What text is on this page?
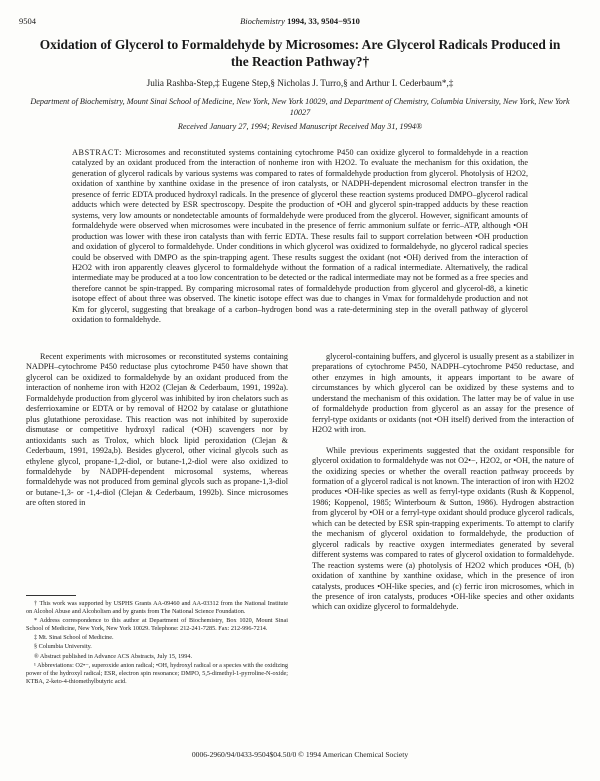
9504	Biochemistry 1994, 33, 9504−9510
Oxidation of Glycerol to Formaldehyde by Microsomes: Are Glycerol Radicals Produced in the Reaction Pathway?†
Julia Rashba-Step,‡ Eugene Step,§ Nicholas J. Turro,§ and Arthur I. Cederbaum*,‡
Department of Biochemistry, Mount Sinai School of Medicine, New York, New York 10029, and Department of Chemistry, Columbia University, New York, New York 10027
Received January 27, 1994; Revised Manuscript Received May 31, 1994®
ABSTRACT: Microsomes and reconstituted systems containing cytochrome P450 can oxidize glycerol to formaldehyde in a reaction catalyzed by an oxidant produced from the interaction of nonheme iron with H2O2. To evaluate the mechanism for this oxidation, the generation of glycerol radicals by various systems was compared to rates of formaldehyde production from glycerol. Photolysis of H2O2, oxidation of xanthine by xanthine oxidase in the presence of iron catalysts, or NADPH-dependent microsomal electron transfer in the presence of ferric EDTA produced hydroxyl radicals. In the presence of glycerol these reaction systems produced DMPO–glycerol radical adducts which were detected by ESR spectroscopy. Despite the production of •OH and glycerol spin-trapped adducts by these reaction systems, very low amounts or nondetectable amounts of formaldehyde were produced from the glycerol. However, significant amounts of formaldehyde were observed when microsomes were incubated in the presence of ferric ammonium sulfate or ferric–ATP, although •OH production was lower with these iron catalysts than with ferric EDTA. These results fail to support correlation between •OH production and oxidation of glycerol to formaldehyde. Under conditions in which glycerol was oxidized to formaldehyde, no glycerol radical species could be observed with DMPO as the spin-trapping agent. These results suggest the oxidant (not •OH) derived from the interaction of H2O2 with iron apparently cleaves glycerol to formaldehyde without the formation of a radical intermediate. Alternatively, the radical intermediate may be produced at a too low concentration to be detected or the radical intermediate may not be formed as a free species and therefore cannot be spin-trapped. By comparing microsomal rates of formaldehyde production from glycerol and glycerol-d8, a kinetic isotope effect of about three was observed. The kinetic isotope effect was due to changes in Vmax for formaldehyde production and not Km for glycerol, suggesting that breakage of a carbon–hydrogen bond was a rate-determining step in the overall pathway of glycerol oxidation to formaldehyde.

Recent experiments with microsomes or reconstituted systems containing NADPH–cytochrome P450 reductase plus cytochrome P450 have shown that glycerol can be oxidized to formaldehyde by an oxidant produced from the interaction of nonheme iron with H2O2 (Clejan & Cederbaum, 1991, 1992a). Formaldehyde production from glycerol was inhibited by iron chelators such as desferrioxamine or EDTA or by removal of H2O2 by catalase or glutathione plus glutathione peroxidase. This reaction was not inhibited by superoxide dismutase or competitive hydroxyl radical (•OH) scavengers nor by antioxidants such as Trolox, which block lipid peroxidation (Clejan & Cederbaum, 1991, 1992a,b). Besides glycerol, other vicinal glycols such as ethylene glycol, propane-1,2-diol, or butane-1,2-diol were also oxidized to formaldehyde by NADPH-dependent microsomal systems, whereas formaldehyde was not produced from geminal glycols such as propane-1,3-diol or butane-1,3- or -1,4-diol (Clejan & Cederbaum, 1992b). Since microsomes are often stored in

glycerol-containing buffers, and glycerol is usually present as a stabilizer in preparations of cytochrome P450, NADPH–cytochrome P450 reductase, and other enzymes in high amounts, it appears important to be aware of circumstances by which glycerol can be oxidized by these systems and to understand the mechanism of this oxidation. The latter may be of value in use of formaldehyde production from glycerol as an assay for the presence of ferryl-type oxidants or oxidants (not •OH itself) derived from the interaction of H2O2 with iron.

While previous experiments suggested that the oxidant responsible for glycerol oxidation to formaldehyde was not O2•−, H2O2, or •OH, the nature of the oxidizing species or whether the overall reaction pathway proceeds by formation of a glycerol radical is not known. The interaction of iron with H2O2 produces •OH-like species as well as ferryl-type oxidants (Rush & Koppenol, 1986; Koppenol, 1985; Winterbourn & Sutton, 1986). Hydrogen abstraction from glycerol by •OH or a ferryl-type oxidant should produce glycerol radicals, which can be detected by ESR spin-trapping experiments. To attempt to clarify the mechanism of glycerol oxidation to formaldehyde, the production of glycerol radicals by reactive oxygen intermediates generated by several different systems was compared to rates of glycerol oxidation to formaldehyde. The reaction systems were (a) photolysis of H2O2 which produces •OH, (b) oxidation of xanthine by xanthine oxidase, which in the presence of iron catalysts, produces •OH-like species, and (c) ferric iron microsomes, which in the presence of iron catalysts, produces •OH-like species and other oxidants which can oxidize glycerol to formaldehyde.

† This work was supported by USPHS Grants AA-09460 and AA-03312 from the National Institute on Alcohol Abuse and Alcoholism and by grants from The National Science Foundation.

* Address correspondence to this author at Department of Biochemistry, Box 1020, Mount Sinai School of Medicine, New York, New York 10029. Telephone: 212-241-7285. Fax: 212-996-7214.

‡ Mt. Sinai School of Medicine.

§ Columbia University.

® Abstract published in Advance ACS Abstracts, July 15, 1994.

¹ Abbreviations: O2•−, superoxide anion radical; •OH, hydroxyl radical or a species with the oxidizing power of the hydroxyl radical; ESR, electron spin resonance; DMPO, 5,5-dimethyl-1-pyrroline-N-oxide; KTBA, 2-keto-4-thiomethylbutyric acid.

0006-2960/94/0433-9504$04.50/0 © 1994 American Chemical Society
